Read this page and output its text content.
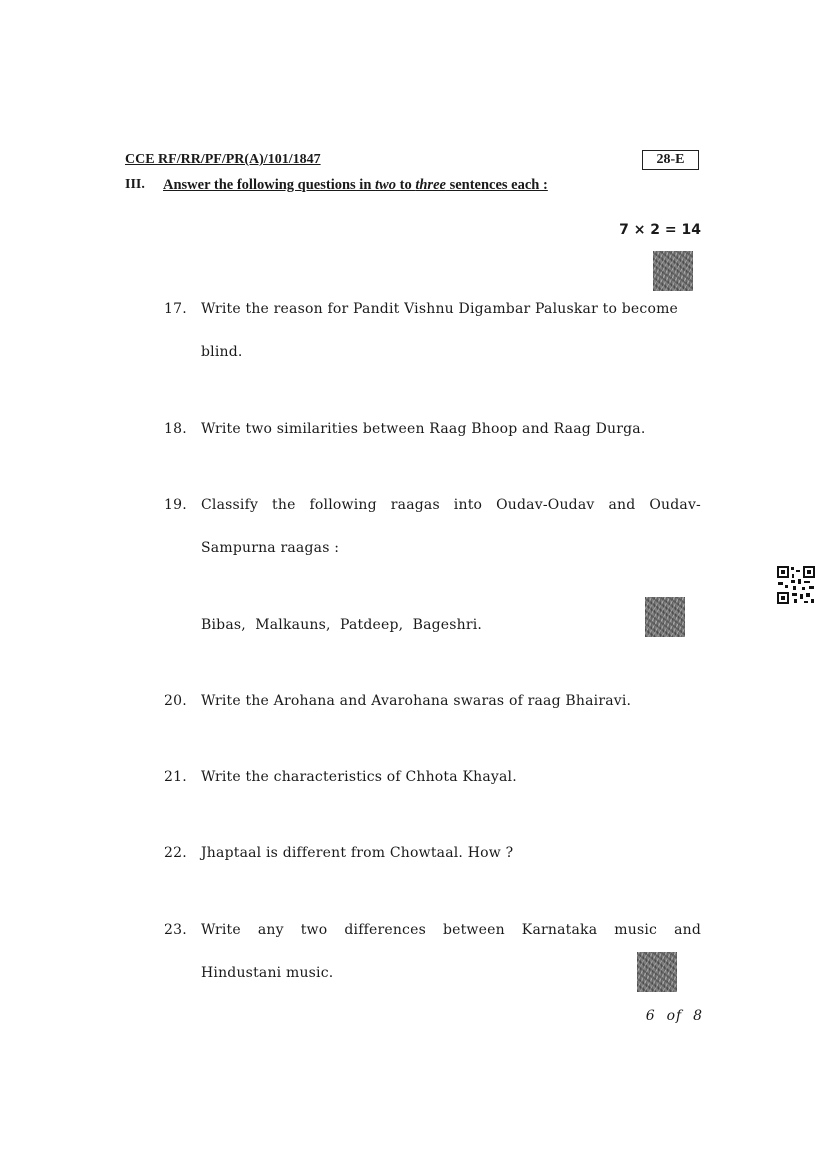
CCE RF/RR/PF/PR(A)/101/1847	28-E
III. Answer the following questions in two to three sentences each :
7 × 2 = 14
17. Write the reason for Pandit Vishnu Digambar Paluskar to become
blind.
18. Write two similarities between Raag Bhoop and Raag Durga.
19. Classify the following raagas into Oudav-Oudav and Oudav-
Sampurna raagas :
Bibas,  Malkauns,  Patdeep,  Bageshri.
20. Write the Arohana and Avarohana swaras of raag Bhairavi.
21. Write the characteristics of Chhota Khayal.
22. Jhaptaal is different from Chowtaal. How ?
23. Write any two differences between Karnataka music and
Hindustani music.
6  of  8
